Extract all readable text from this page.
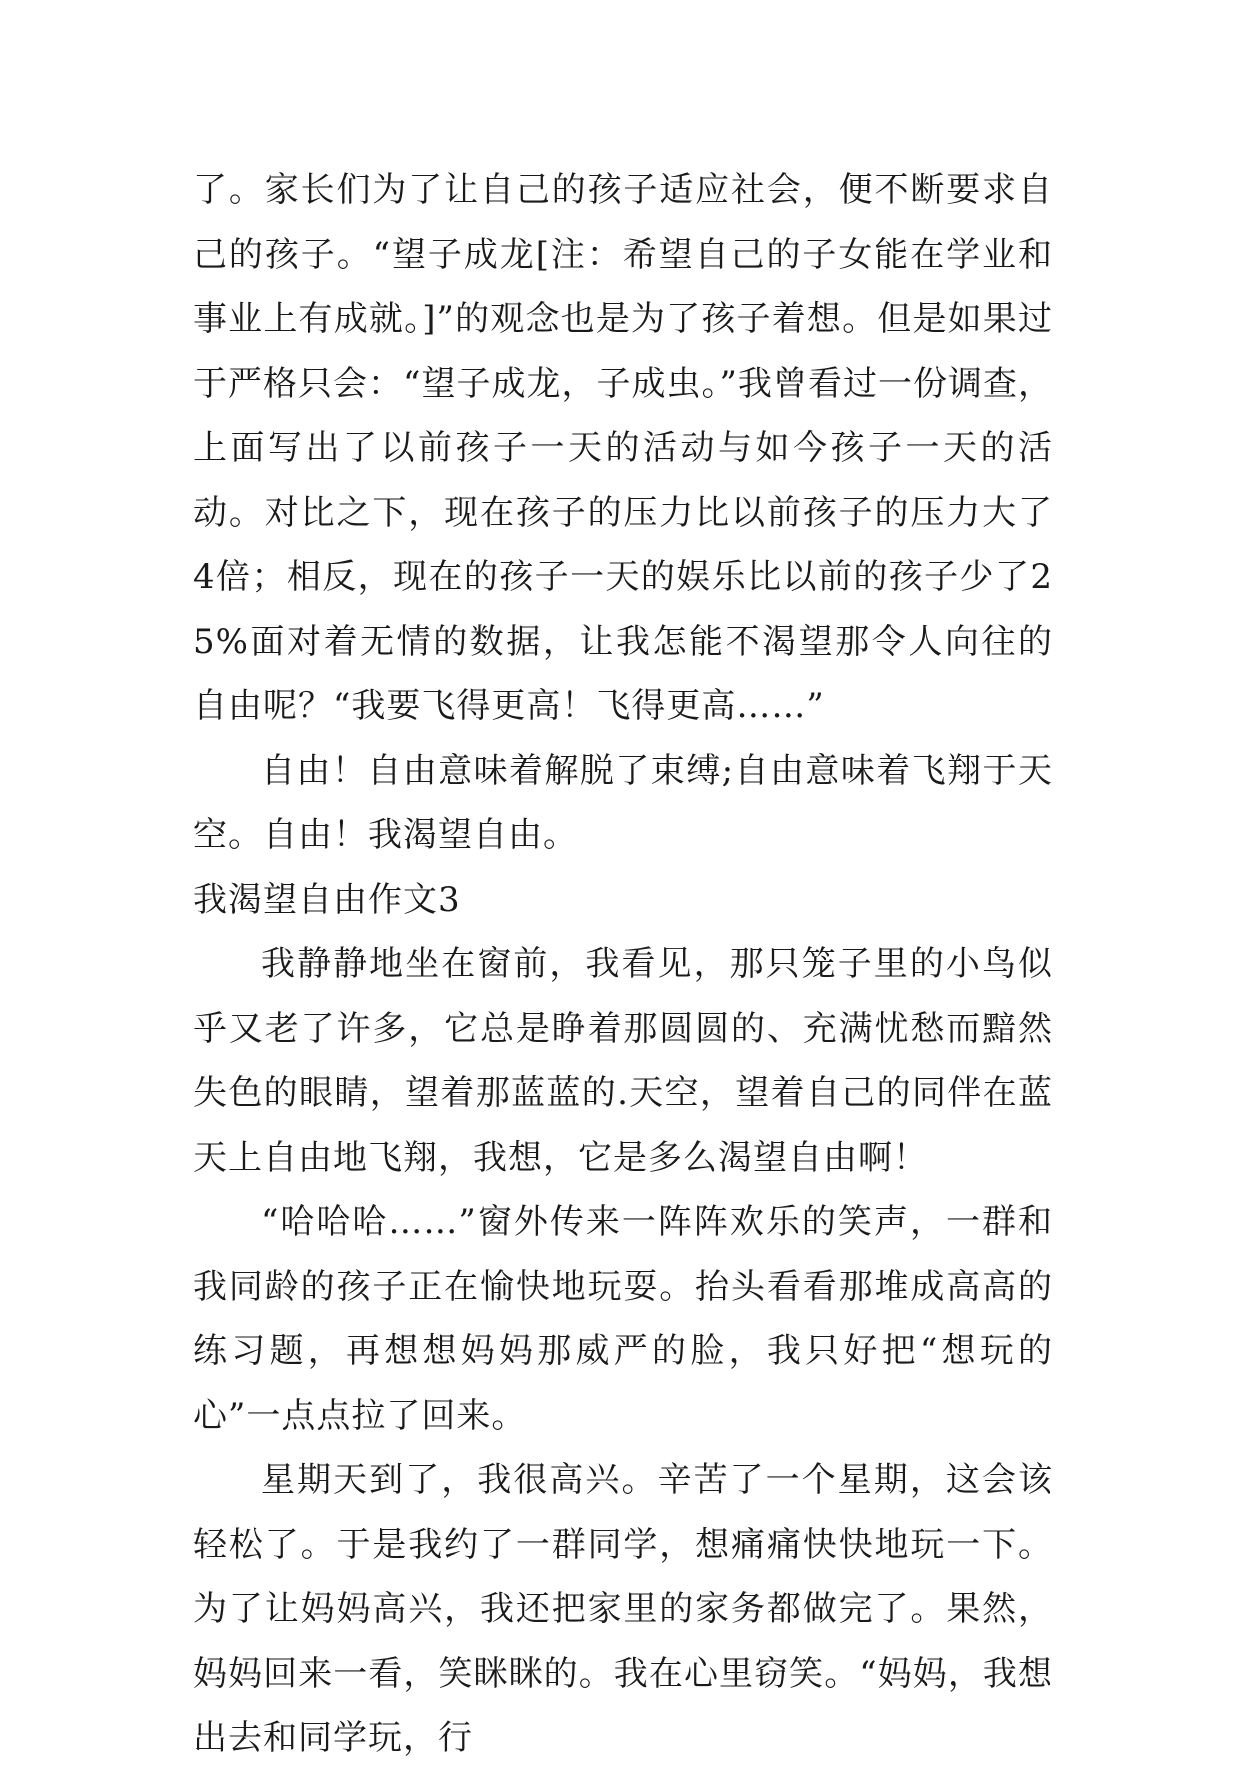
了。家长们为了让自己的孩子适应社会，便不断要求自己的孩子。“望子成龙[注：希望自己的子女能在学业和事业上有成就。]”的观念也是为了孩子着想。但是如果过于严格只会：“望子成龙，子成虫。”我曾看过一份调查，上面写出了以前孩子一天的活动与如今孩子一天的活动。对比之下，现在孩子的压力比以前孩子的压力大了4倍；相反，现在的孩子一天的娱乐比以前的孩子少了25%面对着无情的数据，让我怎能不渴望那令人向往的自由呢？“我要飞得更高！飞得更高……”

自由！自由意味着解脱了束缚;自由意味着飞翔于天空。自由！我渴望自由。

我渴望自由作文3

我静静地坐在窗前，我看见，那只笼子里的小鸟似乎又老了许多，它总是睁着那圆圆的、充满忧愁而黯然失色的眼睛，望着那蓝蓝的.天空，望着自己的同伴在蓝天上自由地飞翔，我想，它是多么渴望自由啊！

“哈哈哈……”窗外传来一阵阵欢乐的笑声，一群和我同龄的孩子正在愉快地玩耍。抬头看看那堆成高高的练习题，再想想妈妈那威严的脸，我只好把“想玩的心”一点点拉了回来。

星期天到了，我很高兴。辛苦了一个星期，这会该轻松了。于是我约了一群同学，想痛痛快快地玩一下。为了让妈妈高兴，我还把家里的家务都做完了。果然，妈妈回来一看，笑眯眯的。我在心里窃笑。“妈妈，我想出去和同学玩，行
